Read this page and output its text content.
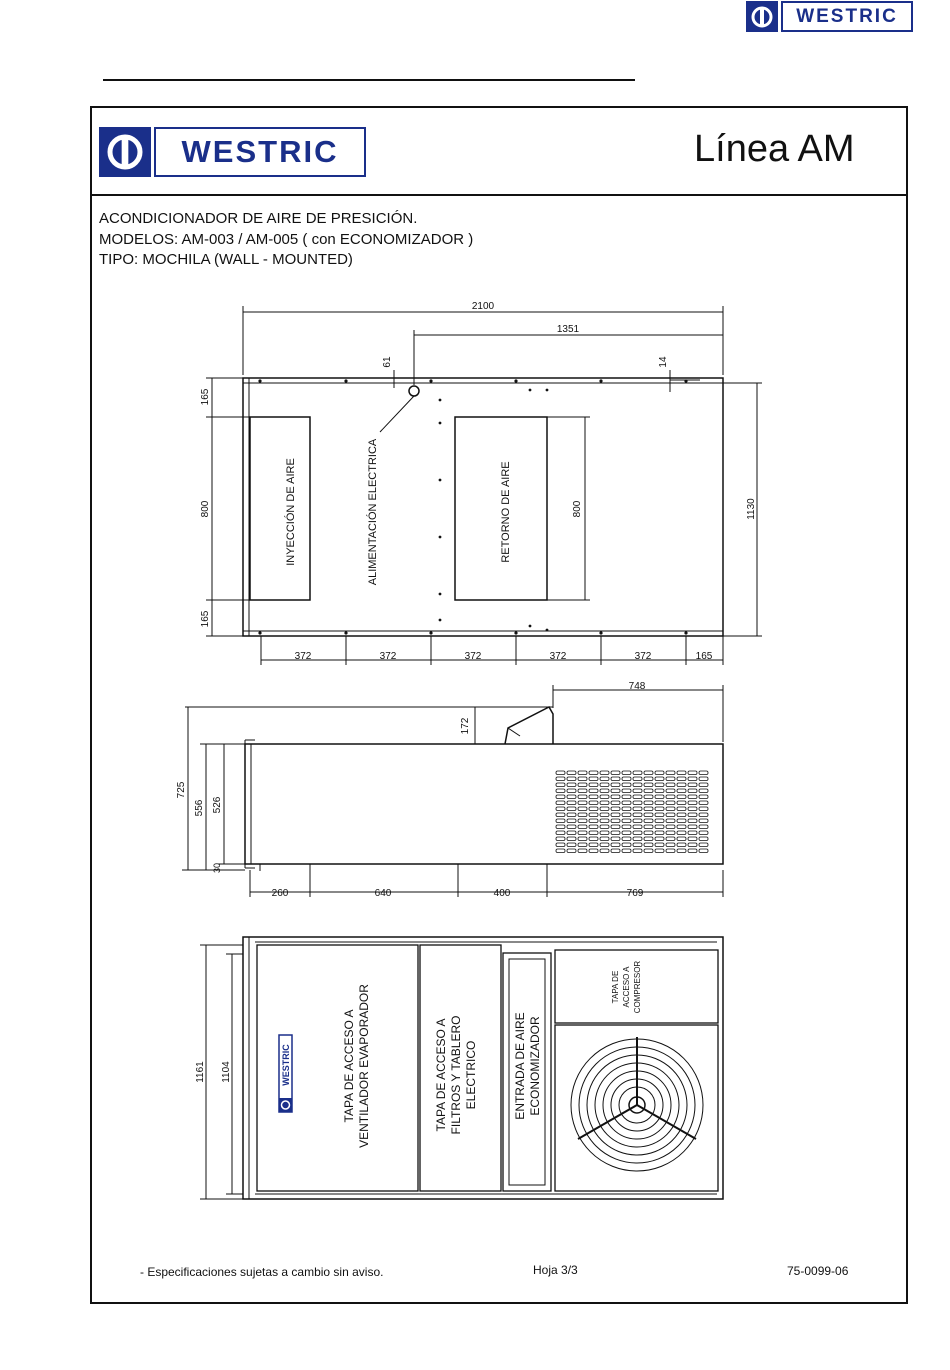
WESTRIC
WESTRIC	Línea AM
ACONDICIONADOR DE AIRE DE PRESICIÓN.
MODELOS: AM-003 / AM-005 ( con ECONOMIZADOR )
TIPO: MOCHILA (WALL - MOUNTED)
2100
1351
61	14
165
800
165
800	1130
372	372	372	372	372	165
INYECCIÓN DE AIRE	ALIMENTACIÓN ELECTRICA	RETORNO DE AIRE
748
172
725
556 526
30
260	640	400	769
WESTRIC
1161 1104	TAPA DE ACCESO A VENTILADOR EVAPORADOR	TAPA DE ACCESO A FILTROS Y TABLERO ELECTRICO	ENTRADA DE AIRE ECONOMIZADOR
TAPA DE ACCESO A COMPRESOR
- Especificaciones sujetas a cambio sin aviso.	Hoja 3/3	75-0099-06
